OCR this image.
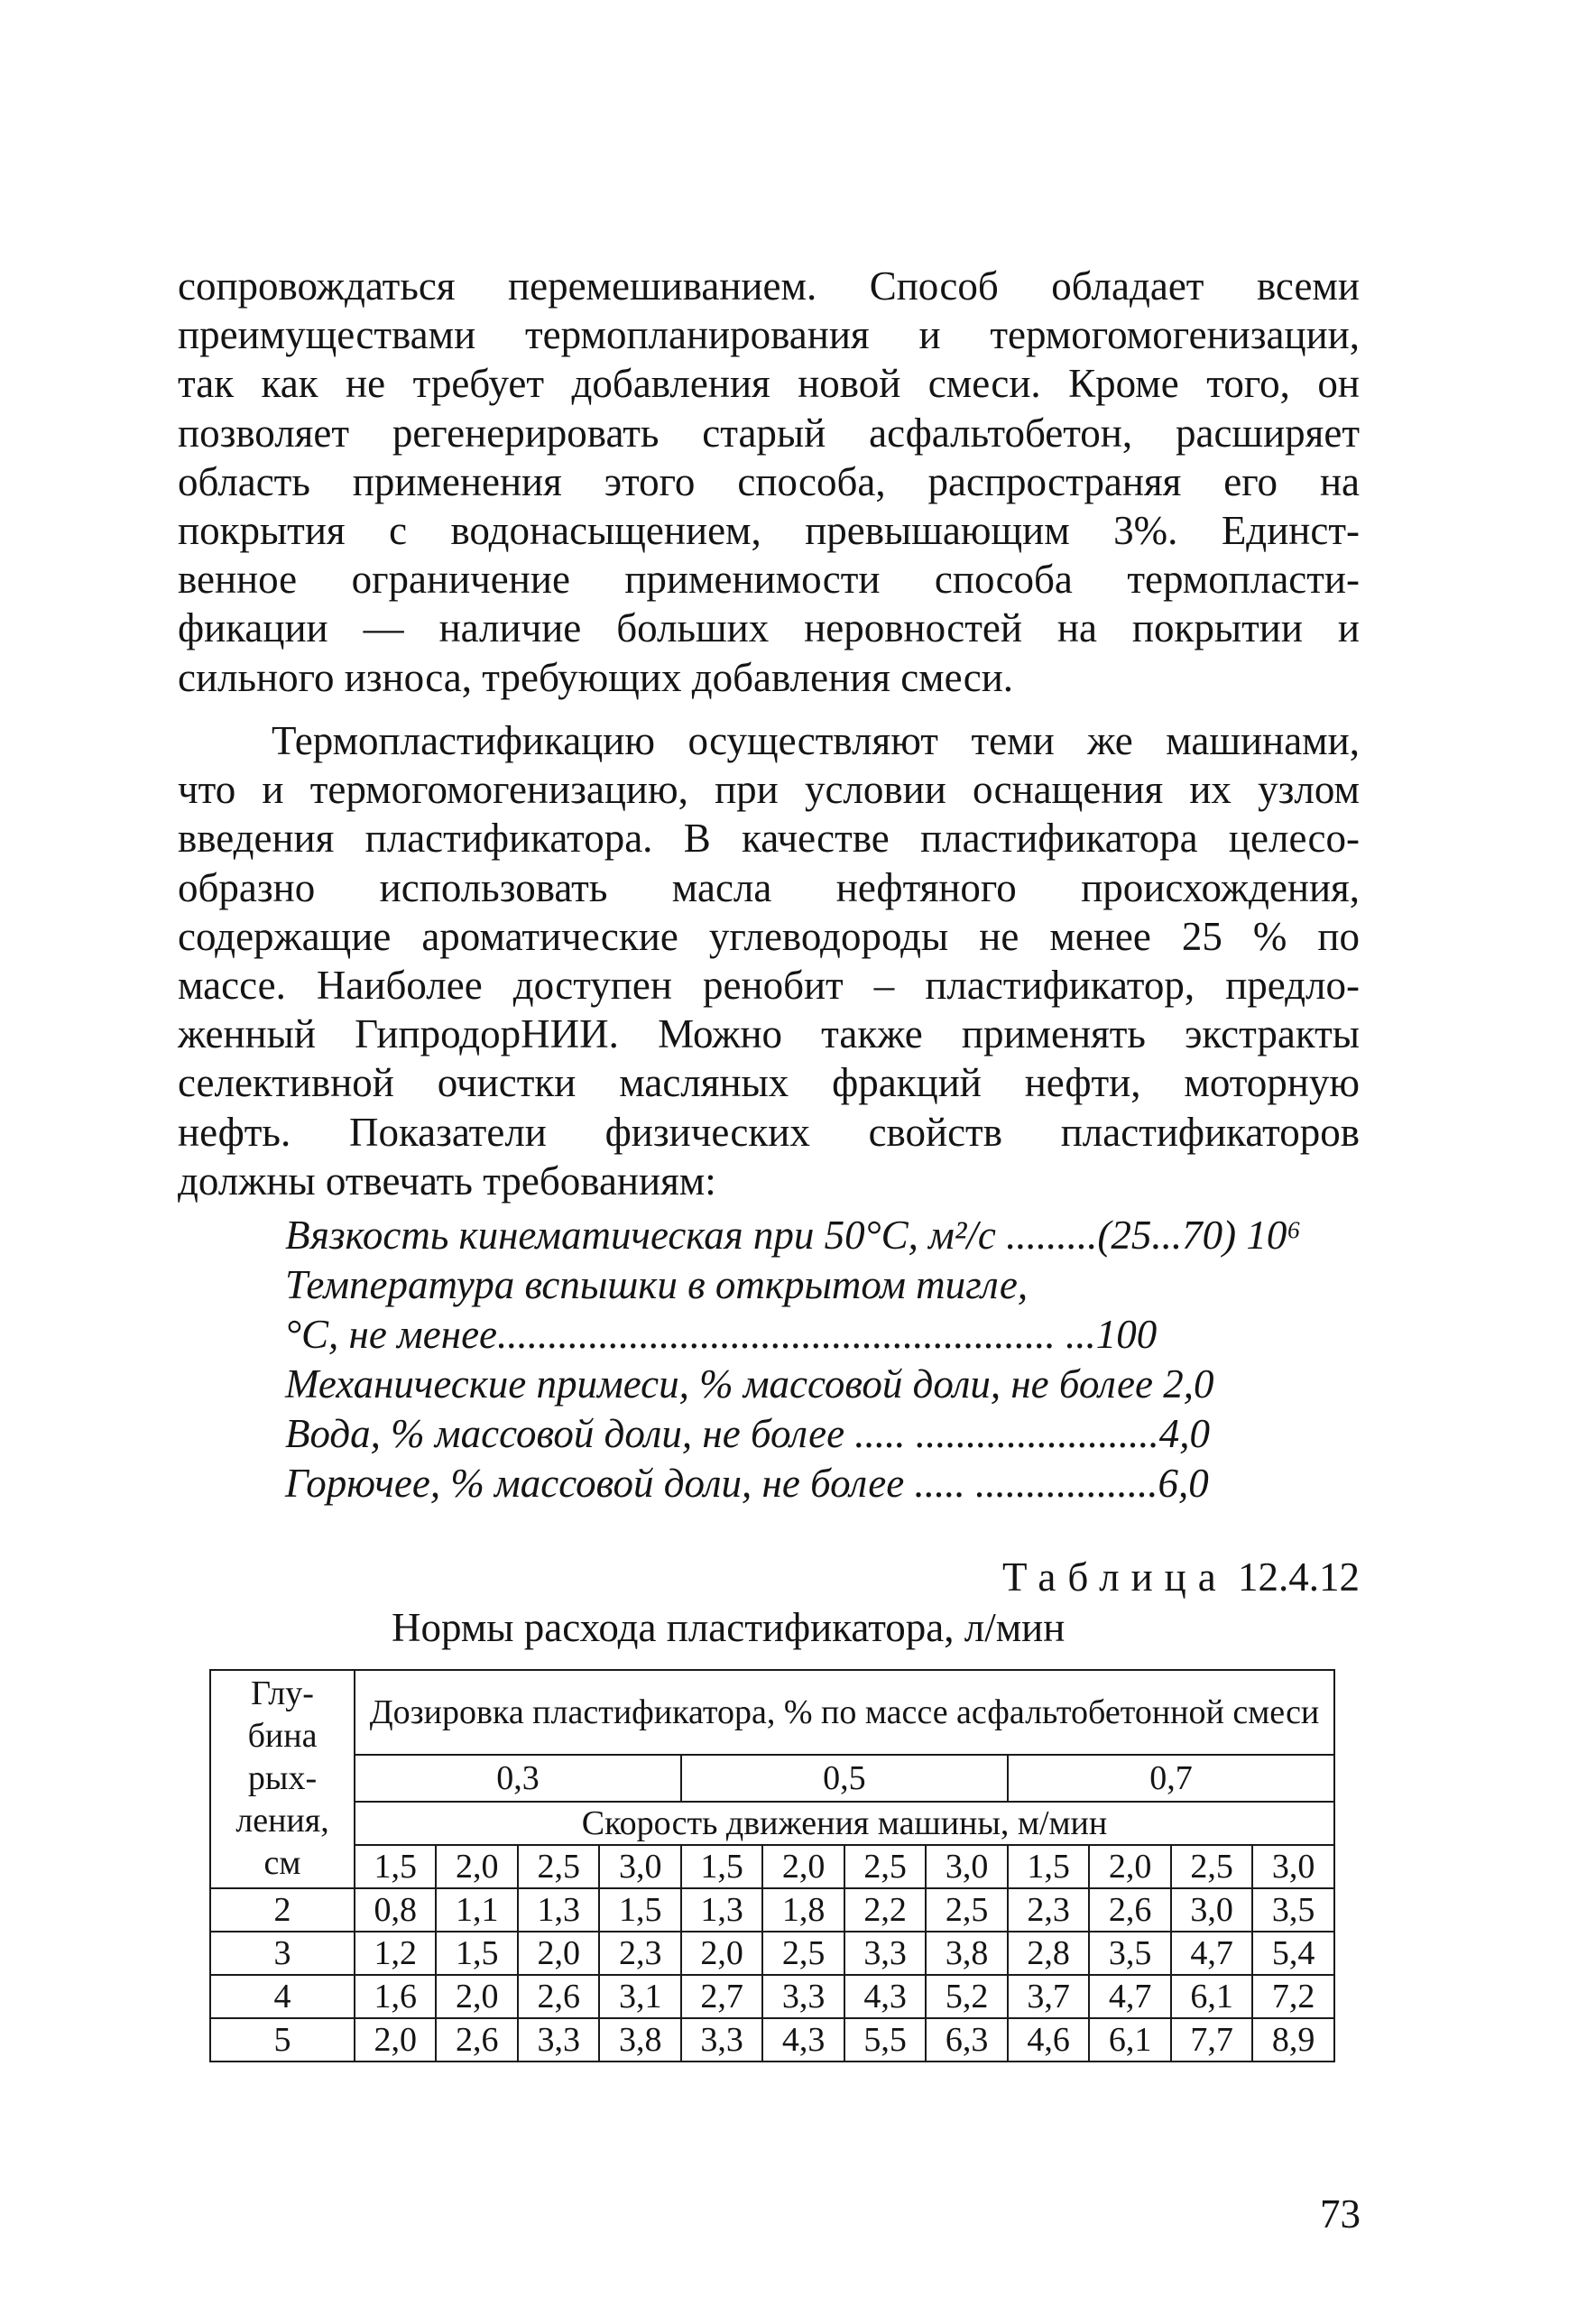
сопровождаться перемешиванием. Способ обладает всеми
преимуществами термопланирования и термогомогенизации,
так как не требует добавления новой смеси. Кроме того, он
позволяет регенерировать старый асфальтобетон, расширяет
область применения этого способа, распространяя его на
покрытия с водонасыщением, превышающим 3%. Единст-
венное ограничение применимости способа термопласти-
фикации — наличие больших неровностей на покрытии и
сильного износа, требующих добавления смеси.

Термопластификацию осуществляют теми же машинами,
что и термогомогенизацию, при условии оснащения их узлом
введения пластификатора. В качестве пластификатора целесо-
образно использовать масла нефтяного происхождения,
содержащие ароматические углеводороды не менее 25 % по
массе. Наиболее доступен ренобит – пластификатор, предло-
женный ГипродорНИИ. Можно также применять экстракты
селективной очистки масляных фракций нефти, моторную
нефть. Показатели физических свойств пластификаторов
должны отвечать требованиям:

Вязкость кинематическая при 50°С, м²/с .........(25...70) 10⁶
Температура вспышки в открытом тигле,
°С, не менее....................................................... ...100
Механические примеси, % массовой доли, не более 2,0
Вода, % массовой доли, не более ..... ........................4,0
Горючее, % массовой доли, не более ..... ..................6,0
Таблица 12.4.12
Нормы расхода пластификатора, л/мин
Глу-
бина
рых-
ления,
см	Дозировка пластификатора, % по массе асфальтобетонной смеси											
	0,3				0,5				0,7			
	Скорость движения машины, м/мин											
	1,5	2,0	2,5	3,0	1,5	2,0	2,5	3,0	1,5	2,0	2,5	3,0
2	0,8	1,1	1,3	1,5	1,3	1,8	2,2	2,5	2,3	2,6	3,0	3,5
3	1,2	1,5	2,0	2,3	2,0	2,5	3,3	3,8	2,8	3,5	4,7	5,4
4	1,6	2,0	2,6	3,1	2,7	3,3	4,3	5,2	3,7	4,7	6,1	7,2
5	2,0	2,6	3,3	3,8	3,3	4,3	5,5	6,3	4,6	6,1	7,7	8,9
73
